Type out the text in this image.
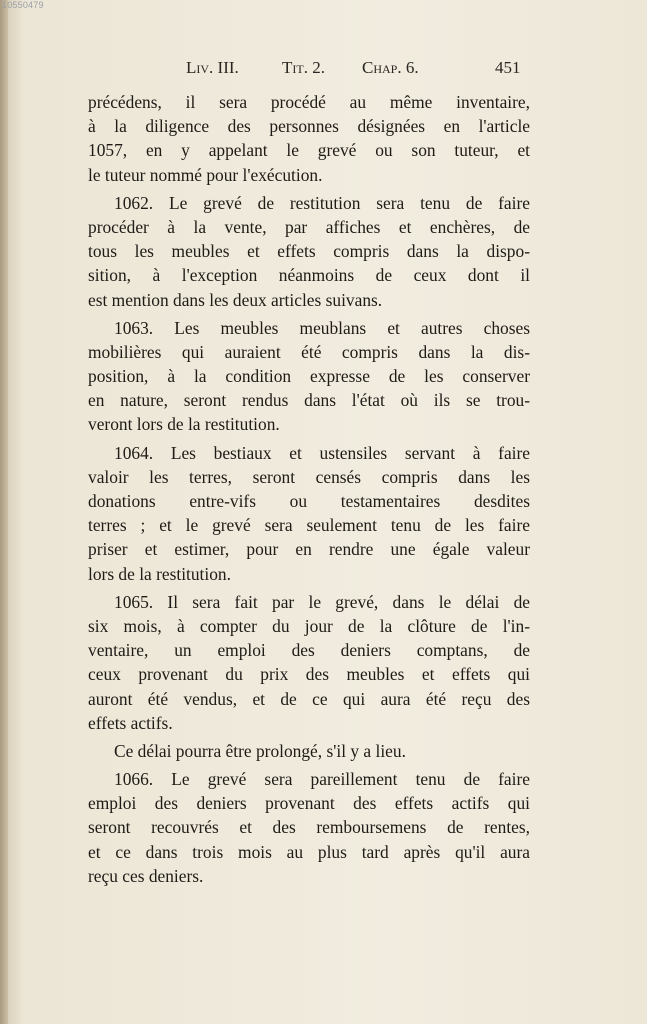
10550479
Liv. III.	Tit. 2. Chap. 6.	451
précédens, il sera procédé au même inventaire,
à la diligence des personnes désignées en l'article
1057, en y appelant le grevé ou son tuteur, et
le tuteur nommé pour l'exécution.
1062. Le grevé de restitution sera tenu de faire
procéder à la vente, par affiches et enchères, de
tous les meubles et effets compris dans la dispo-
sition, à l'exception néanmoins de ceux dont il
est mention dans les deux articles suivans.
1063. Les meubles meublans et autres choses
mobilières qui auraient été compris dans la dis-
position, à la condition expresse de les conserver
en nature, seront rendus dans l'état où ils se trou-
veront lors de la restitution.
1064. Les bestiaux et ustensiles servant à faire
valoir les terres, seront censés compris dans les
donations entre-vifs ou testamentaires desdites
terres ; et le grevé sera seulement tenu de les faire
priser et estimer, pour en rendre une égale valeur
lors de la restitution.
1065. Il sera fait par le grevé, dans le délai de
six mois, à compter du jour de la clôture de l'in-
ventaire, un emploi des deniers comptans, de
ceux provenant du prix des meubles et effets qui
auront été vendus, et de ce qui aura été reçu des
effets actifs.
Ce délai pourra être prolongé, s'il y a lieu.
1066. Le grevé sera pareillement tenu de faire
emploi des deniers provenant des effets actifs qui
seront recouvrés et des remboursemens de rentes,
et ce dans trois mois au plus tard après qu'il aura
reçu ces deniers.
